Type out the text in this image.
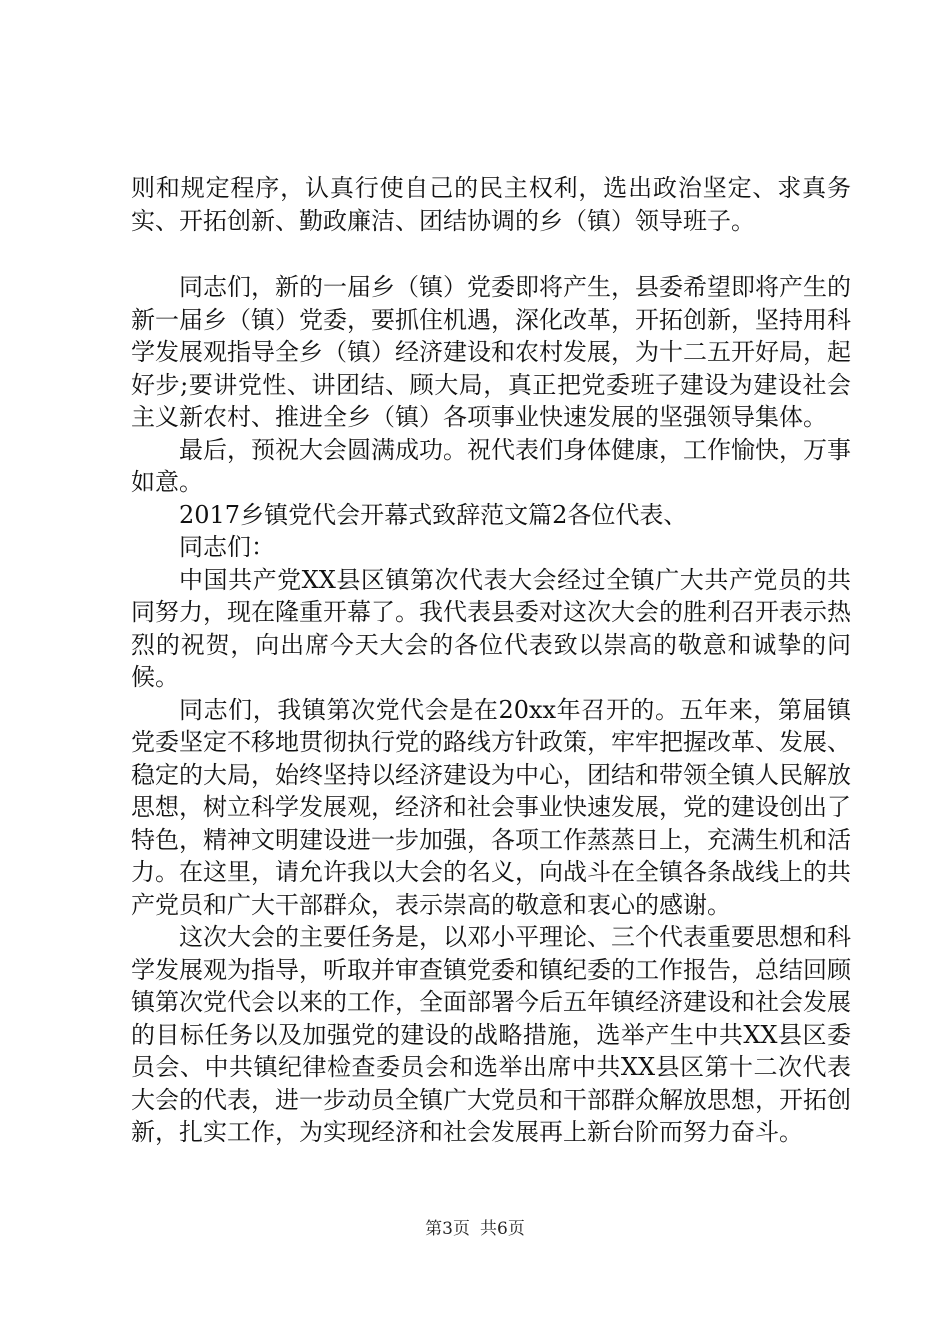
则和规定程序，认真行使自己的民主权利，选出政治坚定、求真务实、开拓创新、勤政廉洁、团结协调的乡（镇）领导班子。

同志们，新的一届乡（镇）党委即将产生，县委希望即将产生的新一届乡（镇）党委，要抓住机遇，深化改革，开拓创新，坚持用科学发展观指导全乡（镇）经济建设和农村发展，为十二五开好局，起好步;要讲党性、讲团结、顾大局，真正把党委班子建设为建设社会主义新农村、推进全乡（镇）各项事业快速发展的坚强领导集体。

最后，预祝大会圆满成功。祝代表们身体健康，工作愉快，万事如意。

2017乡镇党代会开幕式致辞范文篇2各位代表、

同志们：

中国共产党XX县区镇第次代表大会经过全镇广大共产党员的共同努力，现在隆重开幕了。我代表县委对这次大会的胜利召开表示热烈的祝贺，向出席今天大会的各位代表致以崇高的敬意和诚挚的问候。

同志们，我镇第次党代会是在20xx年召开的。五年来，第届镇党委坚定不移地贯彻执行党的路线方针政策，牢牢把握改革、发展、稳定的大局，始终坚持以经济建设为中心，团结和带领全镇人民解放思想，树立科学发展观，经济和社会事业快速发展，党的建设创出了特色，精神文明建设进一步加强，各项工作蒸蒸日上，充满生机和活力。在这里，请允许我以大会的名义，向战斗在全镇各条战线上的共产党员和广大干部群众，表示崇高的敬意和衷心的感谢。

这次大会的主要任务是，以邓小平理论、三个代表重要思想和科学发展观为指导，听取并审查镇党委和镇纪委的工作报告，总结回顾镇第次党代会以来的工作，全面部署今后五年镇经济建设和社会发展的目标任务以及加强党的建设的战略措施，选举产生中共XX县区委员会、中共镇纪律检查委员会和选举出席中共XX县区第十二次代表大会的代表，进一步动员全镇广大党员和干部群众解放思想，开拓创新，扎实工作，为实现经济和社会发展再上新台阶而努力奋斗。

第3页 共6页
